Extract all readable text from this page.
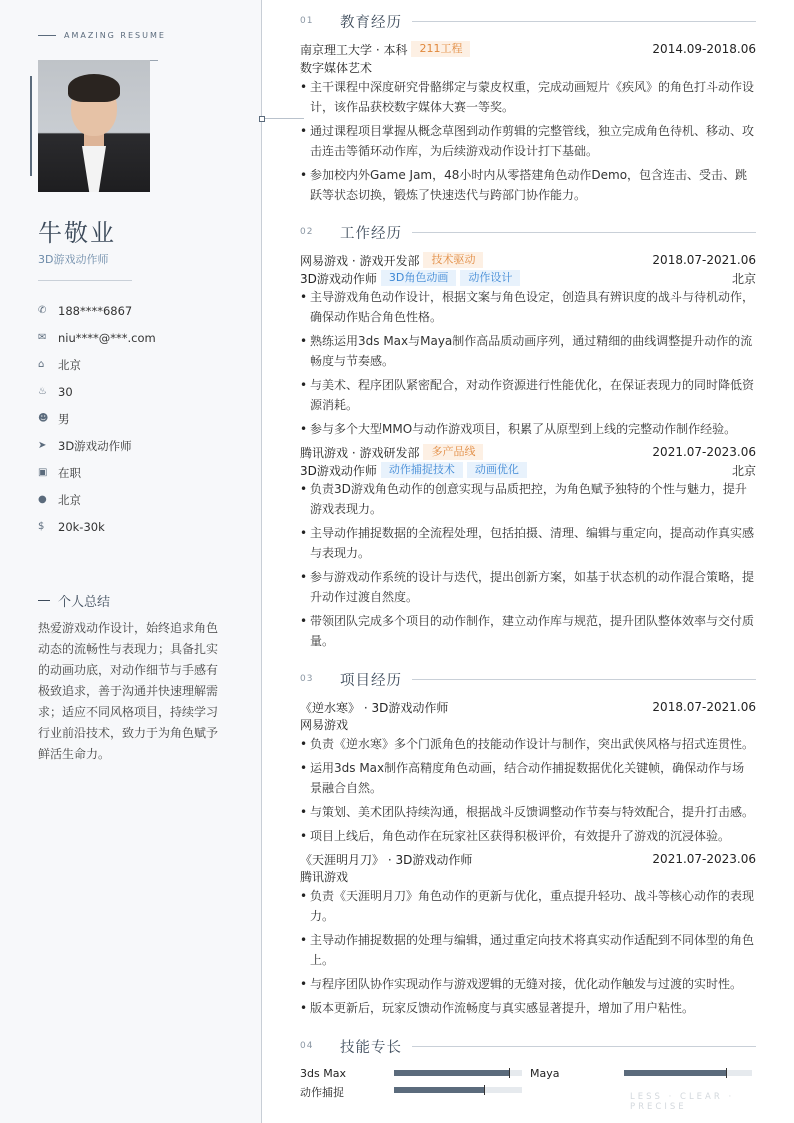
AMAZING RESUME
牛敬业
3D游戏动作师
✆	188****6867
✉	niu****@***.com
⌂	北京
♨ 30
☻ 男
➤	3D游戏动作师
▣ 在职
● 北京
$	20k-30k
个人总结
热爱游戏动作设计，始终追求角色动态的流畅性与表现力；具备扎实的动画功底，对动作细节与手感有极致追求，善于沟通并快速理解需求；适应不同风格项目，持续学习行业前沿技术，致力于为角色赋予鲜活生命力。
01	教育经历
南京理工大学 · 本科	211工程	2014.09-2018.06
数字媒体艺术
• 主干课程中深度研究骨骼绑定与蒙皮权重，完成动画短片《疾风》的角色打斗动作设计，该作品获校数字媒体大赛一等奖。
• 通过课程项目掌握从概念草图到动作剪辑的完整管线，独立完成角色待机、移动、攻击连击等循环动作库，为后续游戏动作设计打下基础。
• 参加校内外Game Jam，48小时内从零搭建角色动作Demo，包含连击、受击、跳跃等状态切换，锻炼了快速迭代与跨部门协作能力。
02	工作经历
网易游戏 · 游戏开发部	技术驱动	2018.07-2021.06
3D游戏动作师	3D角色动画	动作设计	北京
• 主导游戏角色动作设计，根据文案与角色设定，创造具有辨识度的战斗与待机动作，确保动作贴合角色性格。
• 熟练运用3ds Max与Maya制作高品质动画序列，通过精细的曲线调整提升动作的流畅度与节奏感。
• 与美术、程序团队紧密配合，对动作资源进行性能优化，在保证表现力的同时降低资源消耗。
• 参与多个大型MMO与动作游戏项目，积累了从原型到上线的完整动作制作经验。
腾讯游戏 · 游戏研发部	多产品线	2021.07-2023.06
3D游戏动作师	动作捕捉技术	动画优化	北京
• 负责3D游戏角色动作的创意实现与品质把控，为角色赋予独特的个性与魅力，提升游戏表现力。
• 主导动作捕捉数据的全流程处理，包括拍摄、清理、编辑与重定向，提高动作真实感与表现力。
• 参与游戏动作系统的设计与迭代，提出创新方案，如基于状态机的动作混合策略，提升动作过渡自然度。
• 带领团队完成多个项目的动作制作，建立动作库与规范，提升团队整体效率与交付质量。
03	项目经历
《逆水寒》 · 3D游戏动作师	2018.07-2021.06
网易游戏
• 负责《逆水寒》多个门派角色的技能动作设计与制作，突出武侠风格与招式连贯性。
• 运用3ds Max制作高精度角色动画，结合动作捕捉数据优化关键帧，确保动作与场景融合自然。
• 与策划、美术团队持续沟通，根据战斗反馈调整动作节奏与特效配合，提升打击感。
• 项目上线后，角色动作在玩家社区获得积极评价，有效提升了游戏的沉浸体验。
《天涯明月刀》 · 3D游戏动作师	2021.07-2023.06
腾讯游戏
• 负责《天涯明月刀》角色动作的更新与优化，重点提升轻功、战斗等核心动作的表现力。
• 主导动作捕捉数据的处理与编辑，通过重定向技术将真实动作适配到不同体型的角色上。
• 与程序团队协作实现动作与游戏逻辑的无缝对接，优化动作触发与过渡的实时性。
• 版本更新后，玩家反馈动作流畅度与真实感显著提升，增加了用户粘性。
04	技能专长
3ds Max	Maya
动作捕捉	LESS · CLEAR · PRECISE
